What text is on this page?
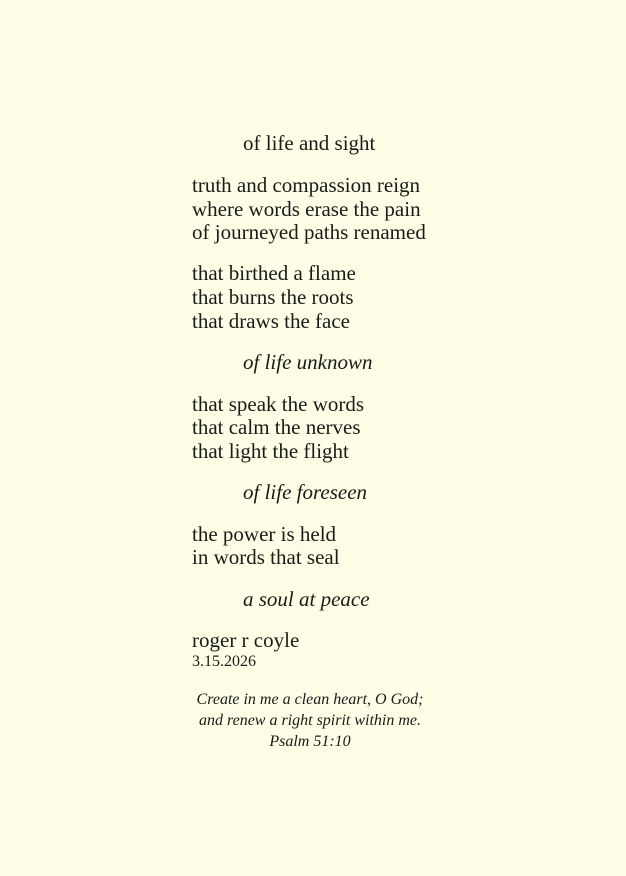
of life and sight
truth and compassion reign
where words erase the pain
of journeyed paths renamed
that birthed a flame
that burns the roots
that draws the face
of life unknown
that speak the words
that calm the nerves
that light the flight
of life foreseen
the power is held
in words that seal
a soul at peace
roger r coyle
3.15.2026
Create in me a clean heart, O God;
and renew a right spirit within me.
Psalm 51:10
